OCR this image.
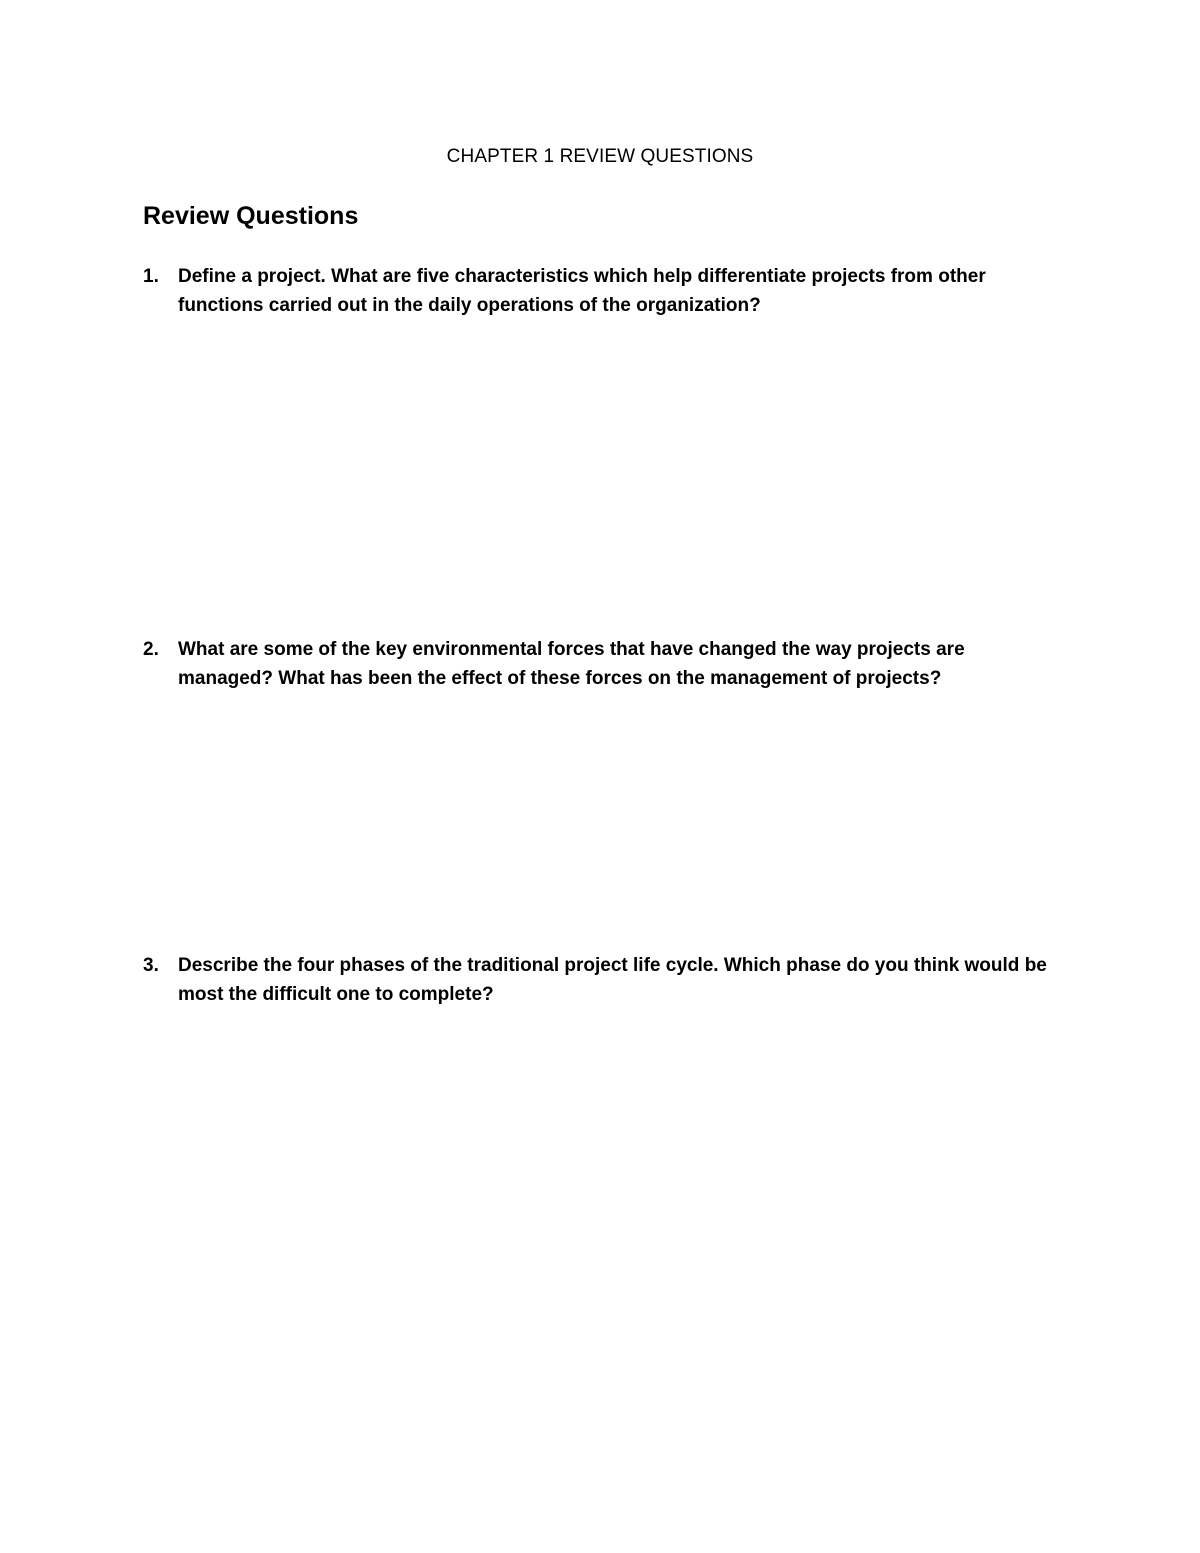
CHAPTER 1 REVIEW QUESTIONS
Review Questions
1. Define a project. What are five characteristics which help differentiate projects from other functions carried out in the daily operations of the organization?
2. What are some of the key environmental forces that have changed the way projects are managed? What has been the effect of these forces on the management of projects?
3. Describe the four phases of the traditional project life cycle. Which phase do you think would be most the difficult one to complete?
